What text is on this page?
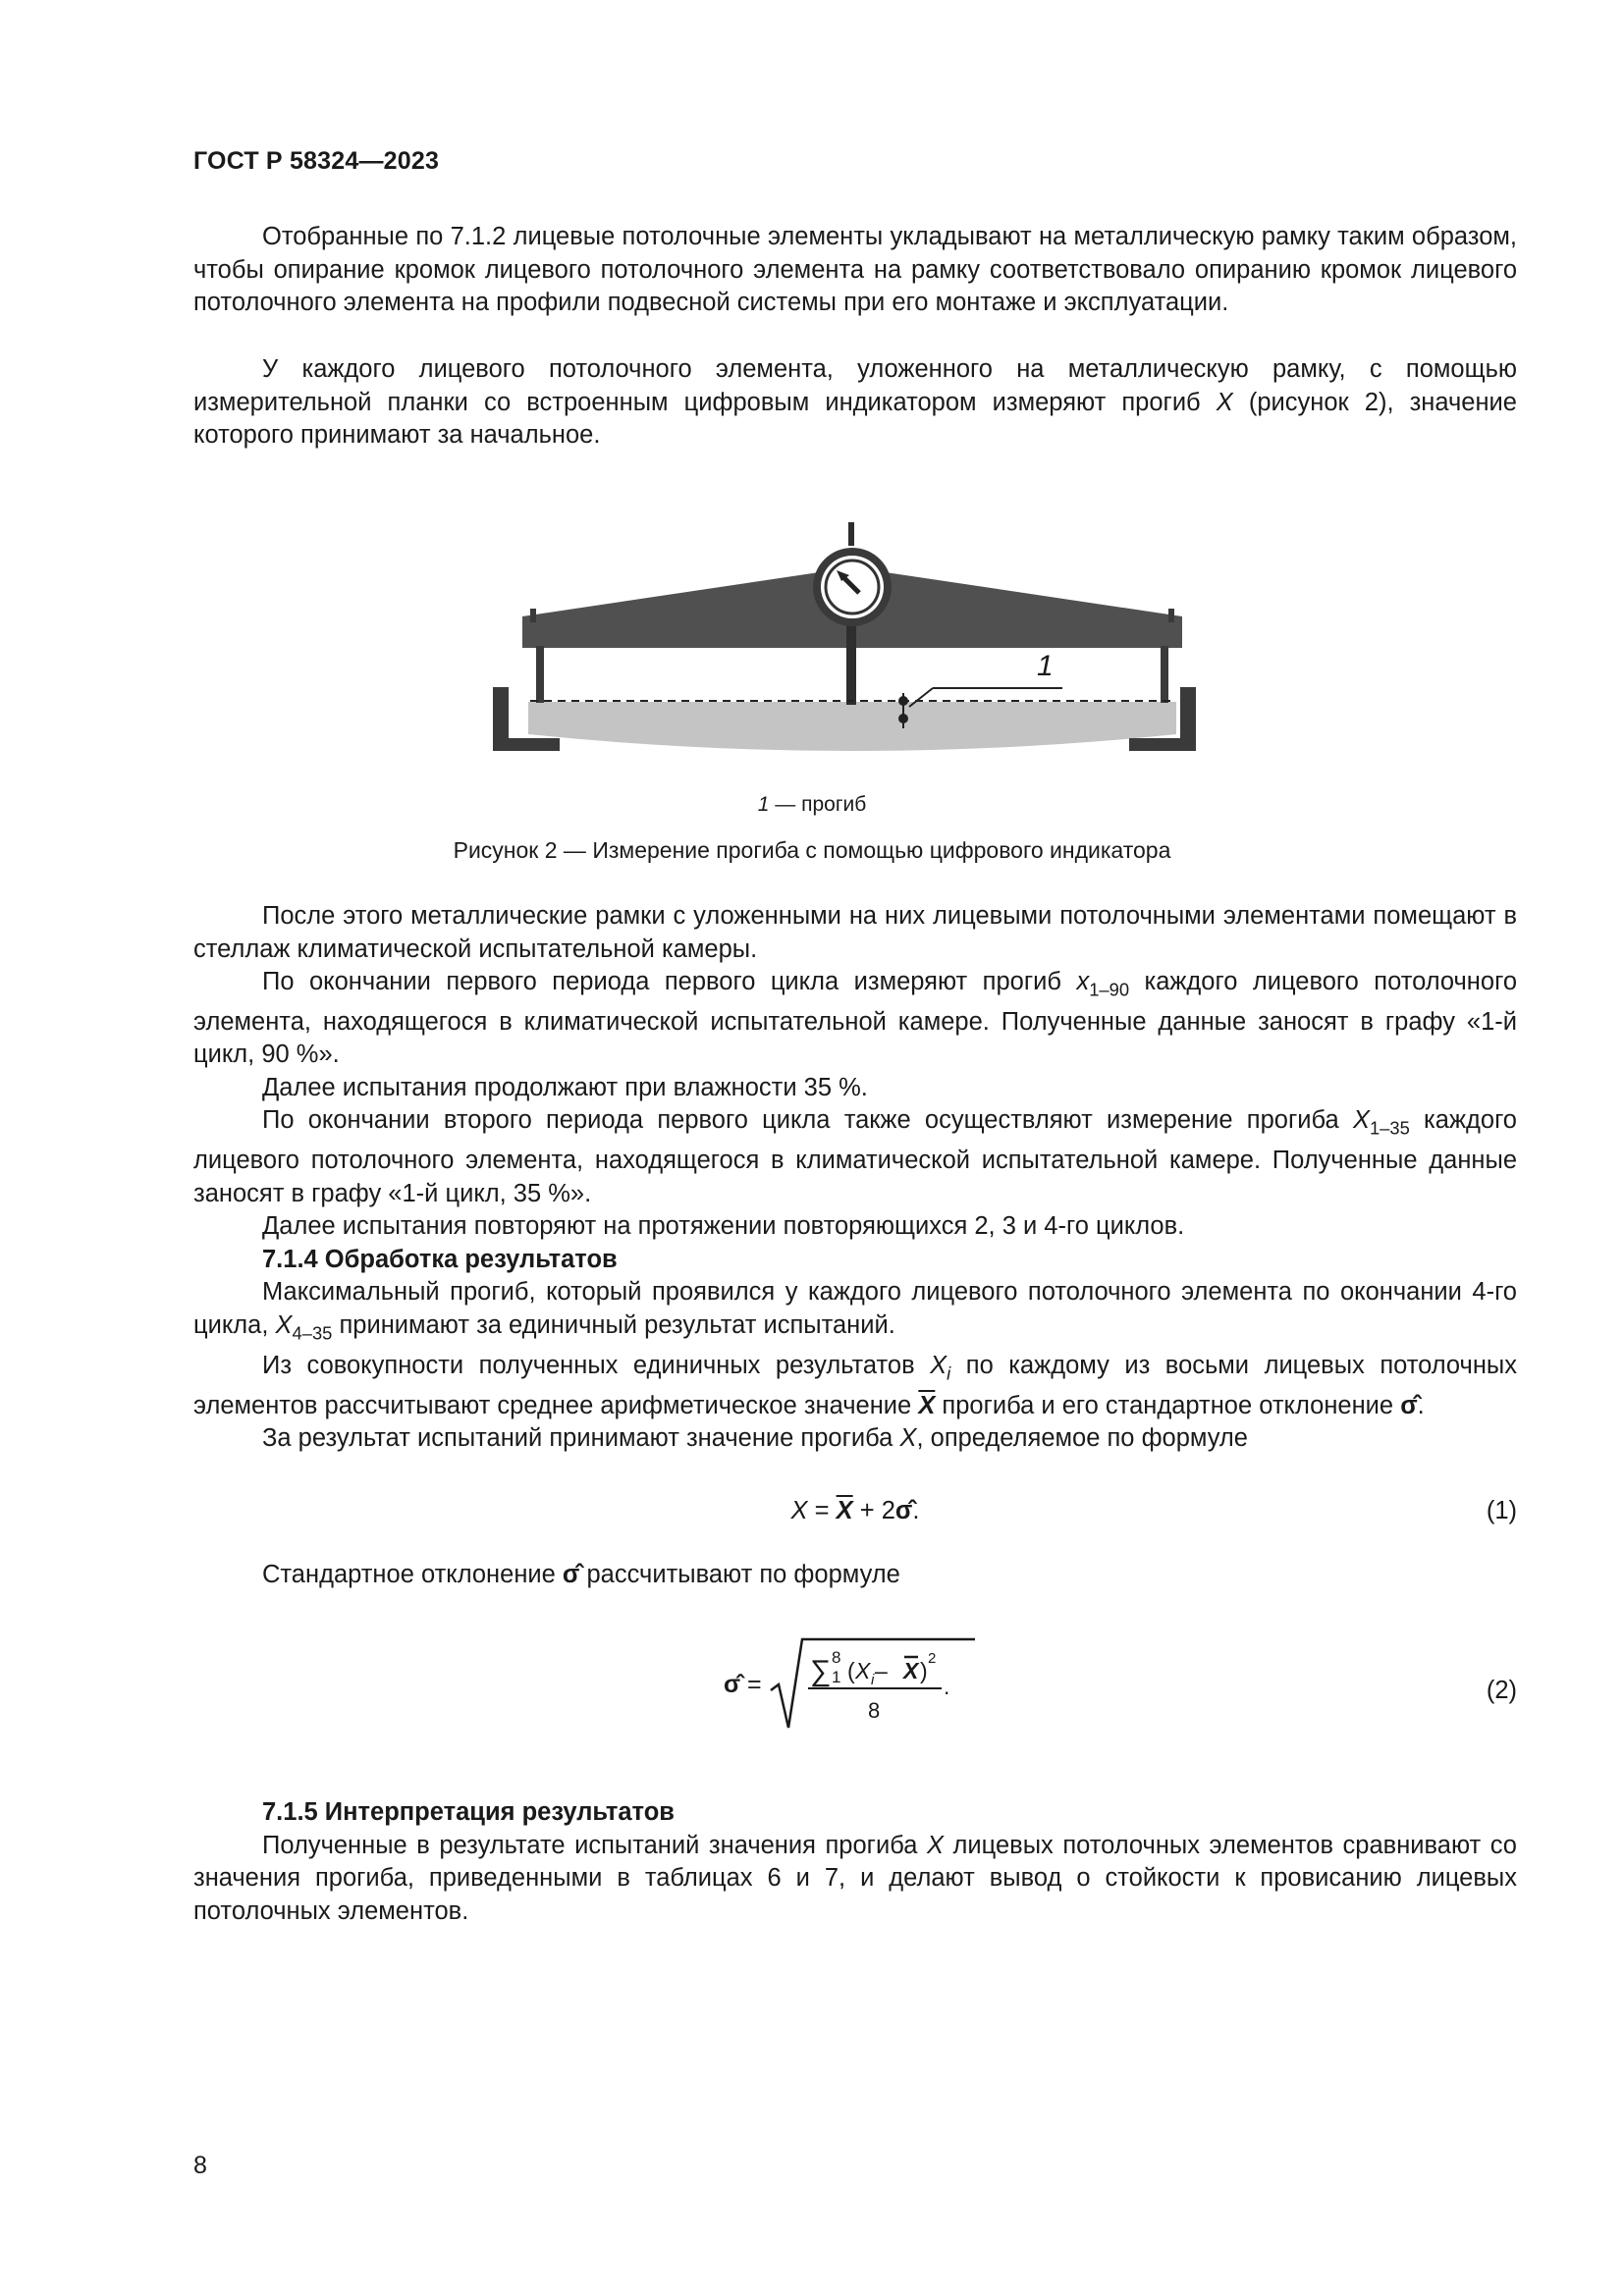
ГОСТ Р 58324—2023

Отобранные по 7.1.2 лицевые потолочные элементы укладывают на металлическую рамку таким образом, чтобы опирание кромок лицевого потолочного элемента на рамку соответствовало опиранию кромок лицевого потолочного элемента на профили подвесной системы при его монтаже и эксплуатации.

У каждого лицевого потолочного элемента, уложенного на металлическую рамку, с помощью измерительной планки со встроенным цифровым индикатором измеряют прогиб X (рисунок 2), значение которого принимают за начальное.

1
1 — прогиб
Рисунок 2 — Измерение прогиба с помощью цифрового индикатора

После этого металлические рамки с уложенными на них лицевыми потолочными элементами помещают в стеллаж климатической испытательной камеры.

По окончании первого периода первого цикла измеряют прогиб $x_{1-90}$ каждого лицевого потолочного элемента, находящегося в климатической испытательной камере. Полученные данные заносят в графу «1-й цикл, 90 %».

Далее испытания продолжают при влажности 35 %.

По окончании второго периода первого цикла также осуществляют измерение прогиба $X_{1-35}$ каждого лицевого потолочного элемента, находящегося в климатической испытательной камере. Полученные данные заносят в графу «1-й цикл, 35 %».

Далее испытания повторяют на протяжении повторяющихся 2, 3 и 4-го циклов.

7.1.4 Обработка результатов

Максимальный прогиб, который проявился у каждого лицевого потолочного элемента по окончании 4-го цикла, $X_{4-35}$ принимают за единичный результат испытаний.

Из совокупности полученных единичных результатов $X_i$ по каждому из восьми лицевых потолочных элементов рассчитывают среднее арифметическое значение $\overline{X}$ прогиба и его стандартное отклонение σ̂.

За результат испытаний принимают значение прогиба X, определяемое по формуле

$X = \overline{X}$ + 2σ̂.	(1)

Стандартное отклонение σ̂ рассчитывают по формуле

σ̂ = ∑ 8
1 ( X i – X ) 2
8
.	(2)

7.1.5 Интерпретация результатов

Полученные в результате испытаний значения прогиба X лицевых потолочных элементов сравнивают со значения прогиба, приведенными в таблицах 6 и 7, и делают вывод о стойкости к провисанию лицевых потолочных элементов.

8
